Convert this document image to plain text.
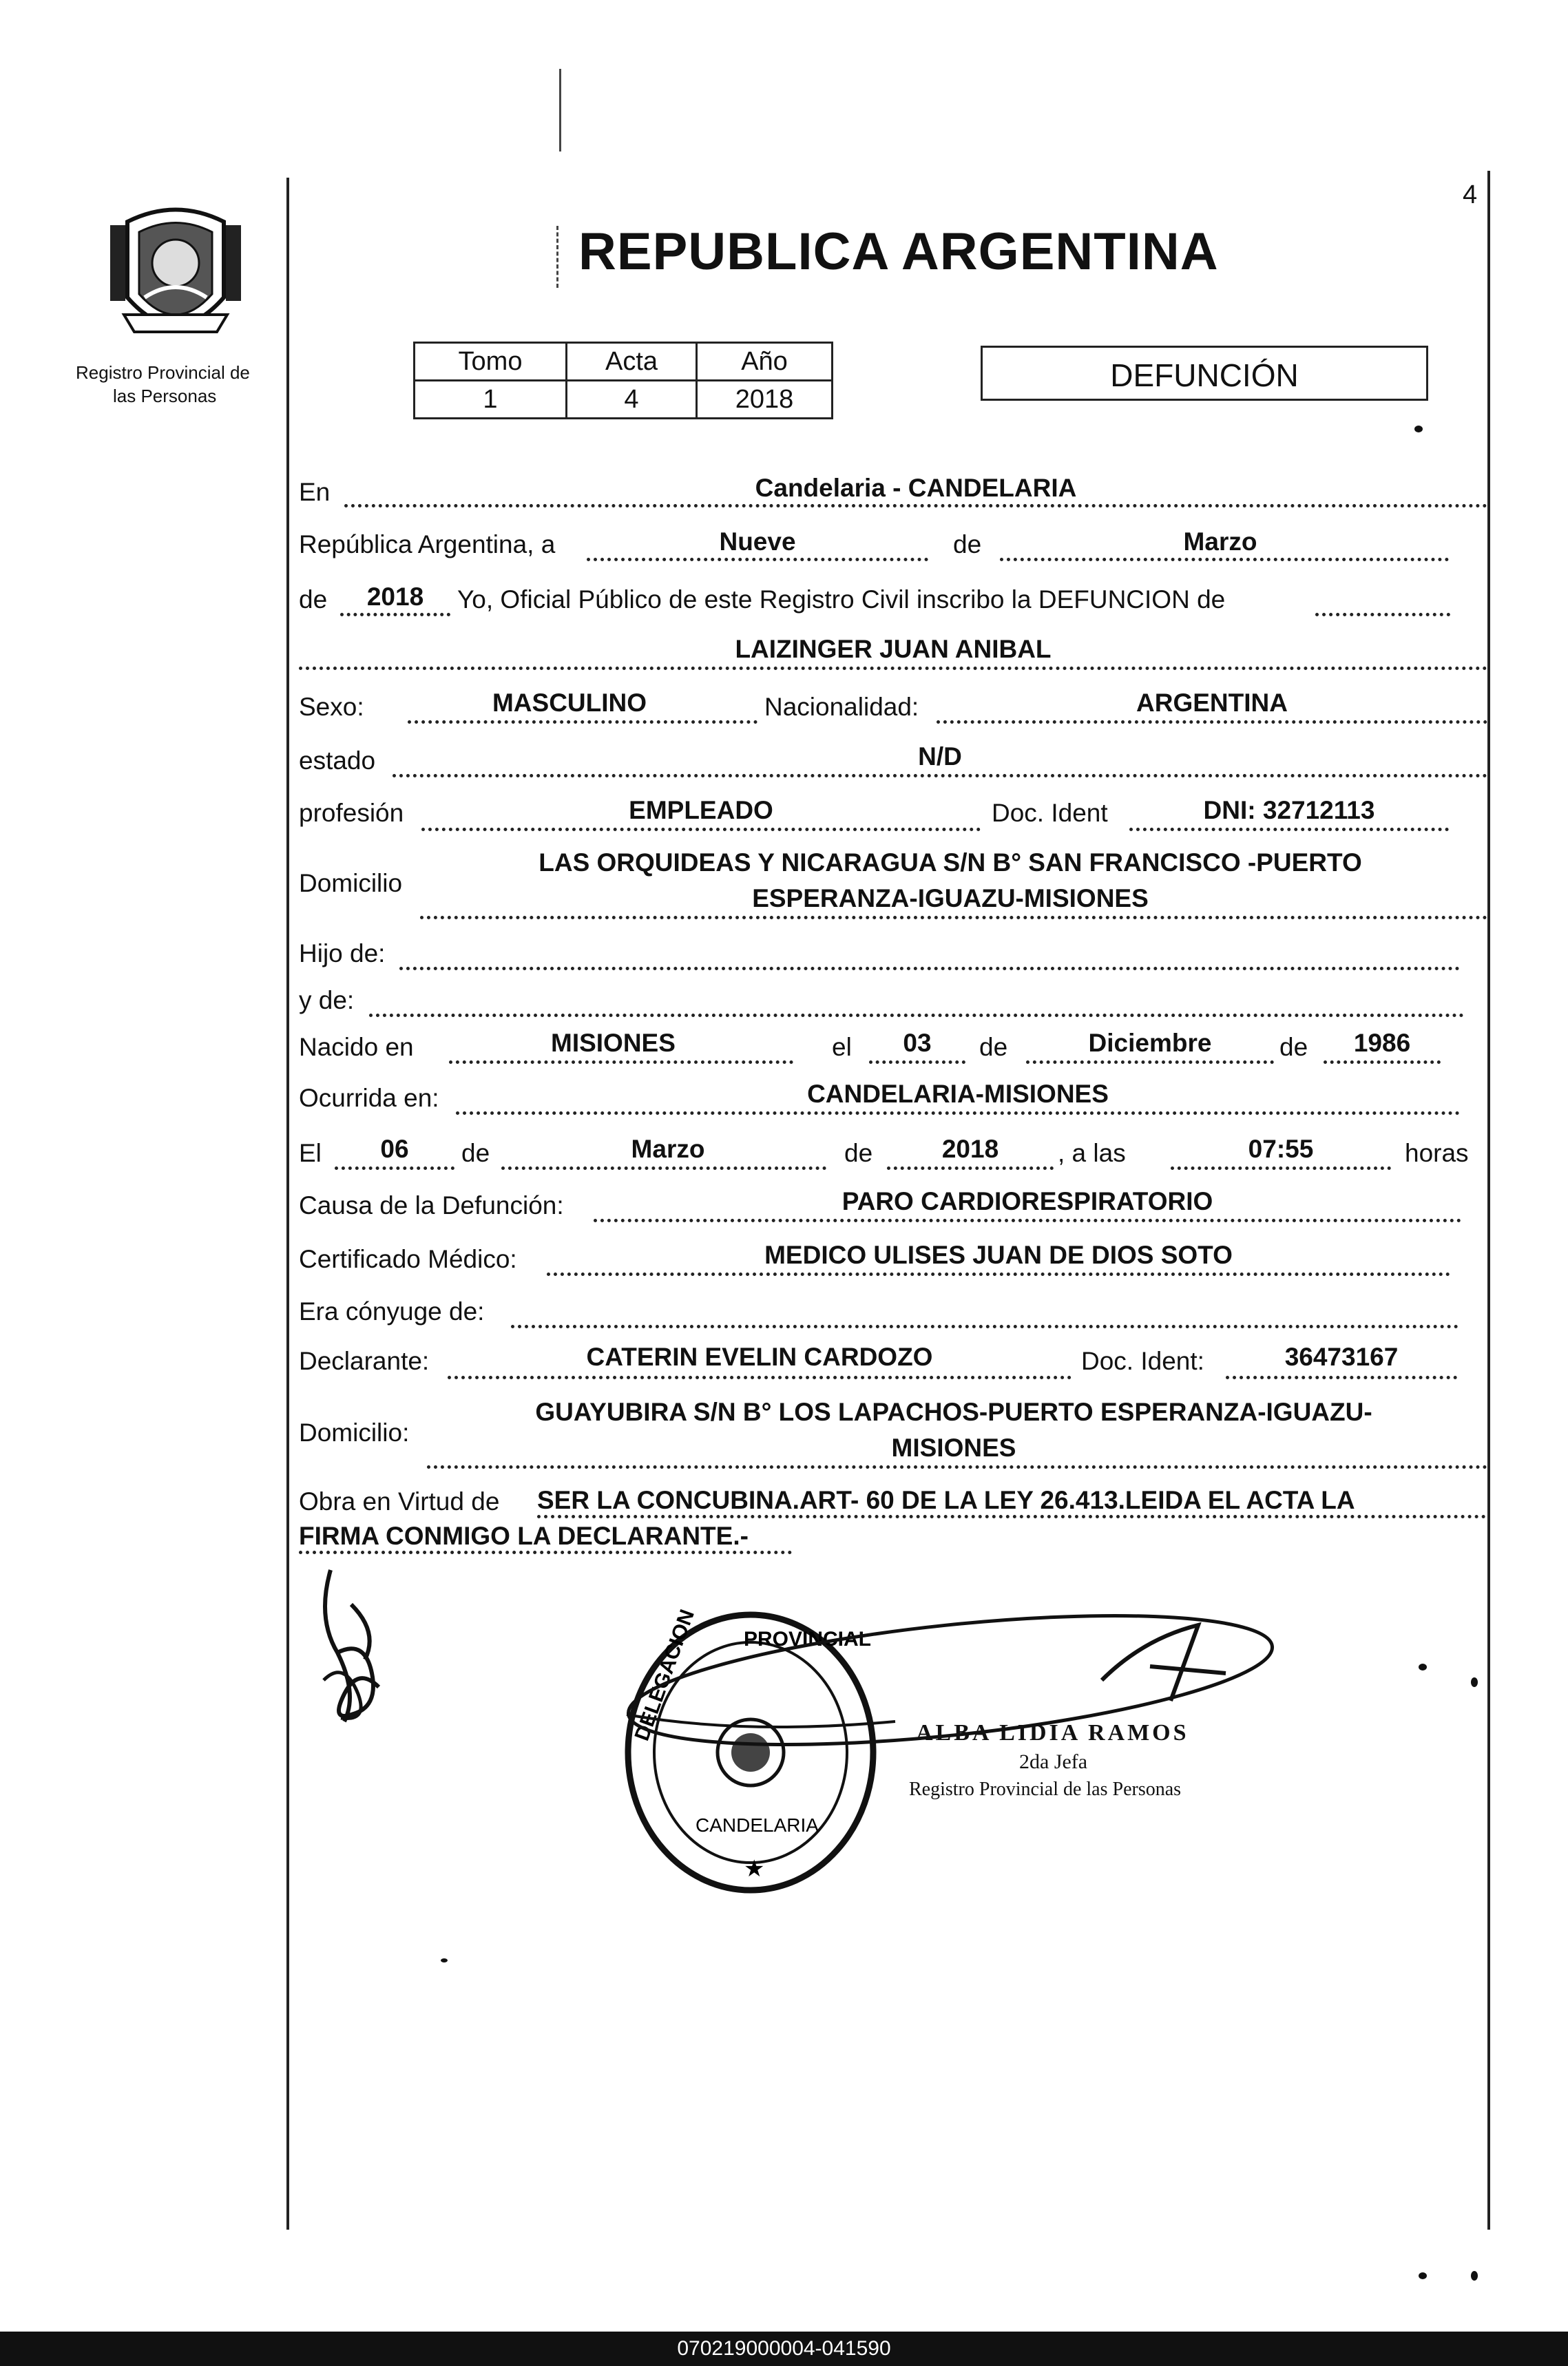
Registro Provincial de
las Personas
4
REPUBLICA ARGENTINA
Tomo	Acta	Año
1	4	2018
DEFUNCIÓN
En	Candelaria - CANDELARIA
República Argentina, a	Nueve	de	Marzo
de	2018	Yo, Oficial Público de este Registro Civil inscribo la DEFUNCION de
LAIZINGER JUAN ANIBAL
Sexo:	MASCULINO	Nacionalidad:	ARGENTINA
estado	N/D
profesión	EMPLEADO	Doc. Ident	DNI: 32712113
Domicilio
LAS ORQUIDEAS Y NICARAGUA S/N B° SAN FRANCISCO -PUERTO
ESPERANZA-IGUAZU-MISIONES
Hijo de:
y de:
Nacido en	MISIONES	el	03	de	Diciembre	de	1986
Ocurrida en:	CANDELARIA-MISIONES
El	06	de	Marzo	de	2018	, a las	07:55	horas
Causa de la Defunción:	PARO CARDIORESPIRATORIO
Certificado Médico:	MEDICO ULISES JUAN DE DIOS SOTO
Era cónyuge de:
Declarante:	CATERIN EVELIN CARDOZO	Doc. Ident:	36473167
Domicilio:
GUAYUBIRA S/N B° LOS LAPACHOS-PUERTO ESPERANZA-IGUAZU-
MISIONES
Obra en Virtud de SER LA CONCUBINA.ART- 60 DE LA LEY 26.413.LEIDA EL ACTA LA
FIRMA CONMIGO LA DECLARANTE.-
DELEGACION PROVINCIAL
CANDELARIA
★
ALBA LIDIA RAMOS
2da Jefa
Registro Provincial de las Personas
070219000004-041590
